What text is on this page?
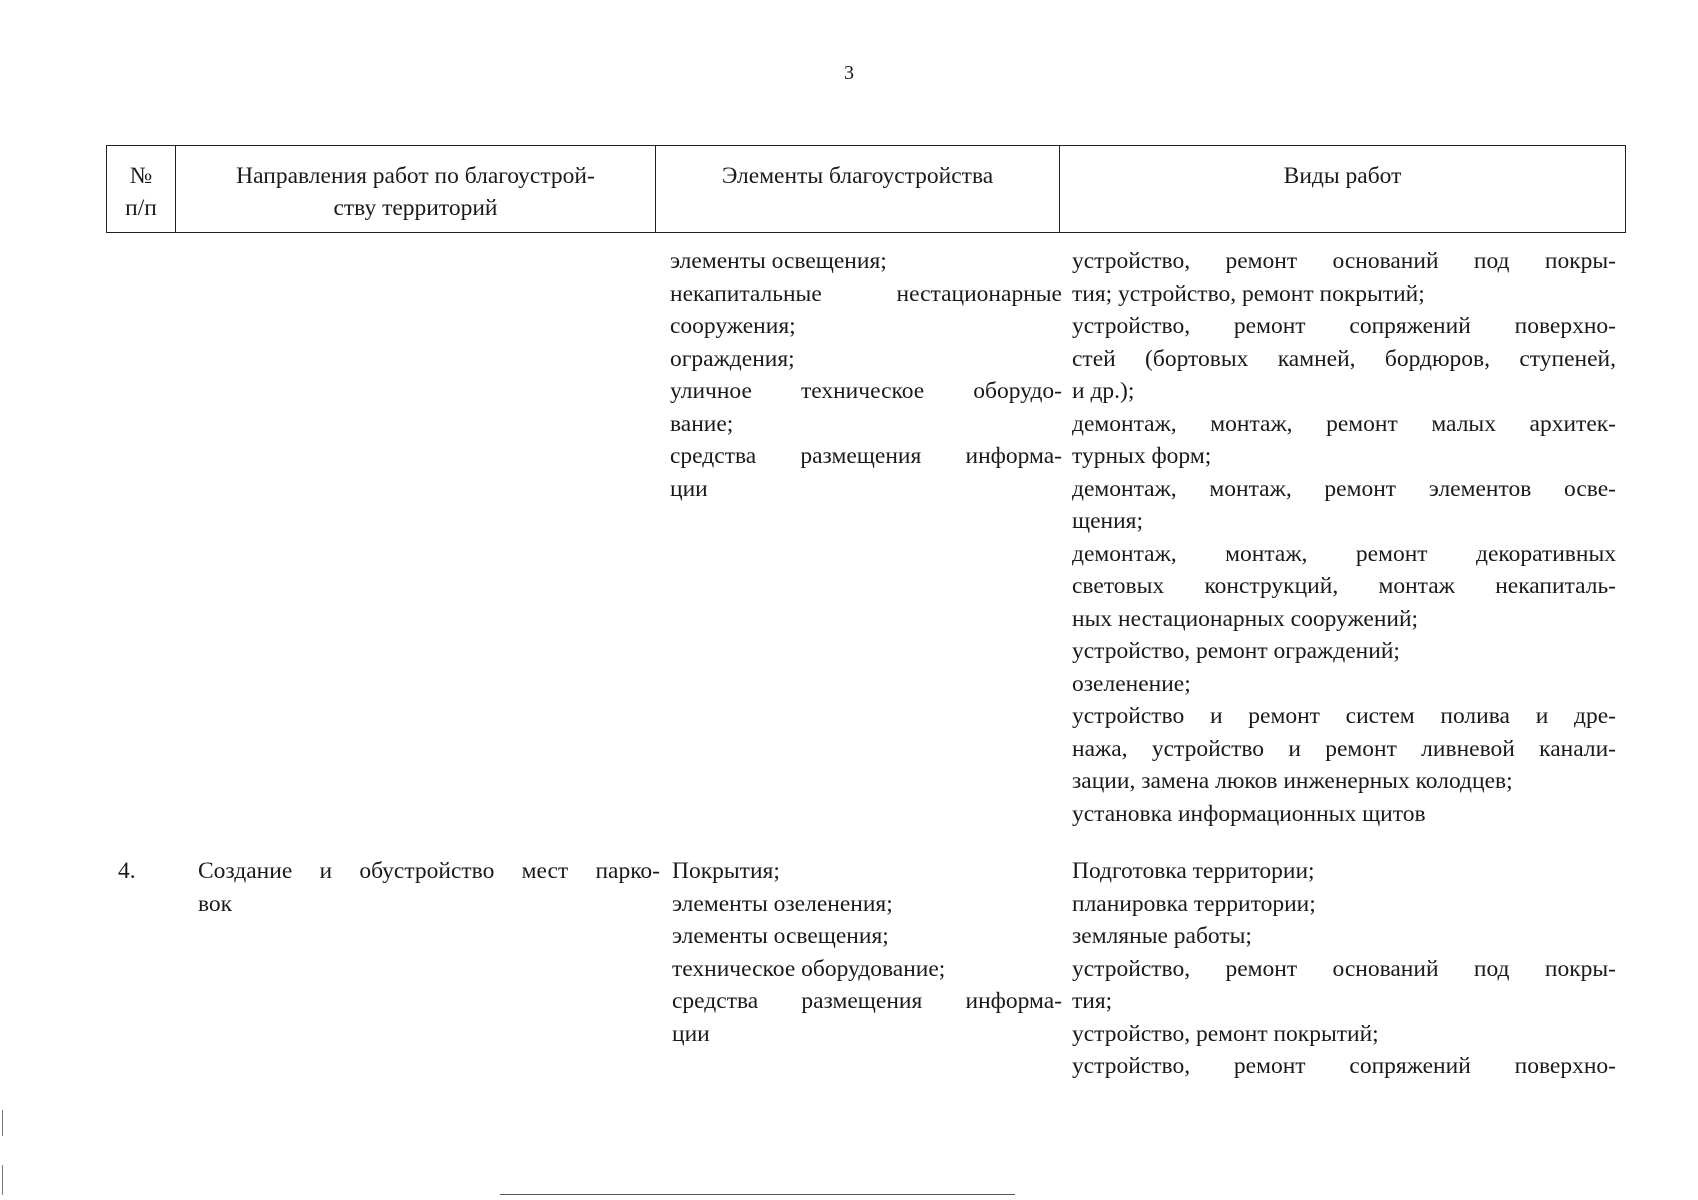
3
№
п/п
Направления работ по благоустрой-
ству территорий
Элементы благоустройства	Виды работ
элементы освещения;
некапитальные нестационарные
сооружения;
ограждения;
уличное техническое оборудо-
вание;
средства размещения информа-
ции
устройство, ремонт оснований под покры-
тия; устройство, ремонт покрытий;
устройство, ремонт сопряжений поверхно-
стей (бортовых камней, бордюров, ступеней,
и др.);
демонтаж, монтаж, ремонт малых архитек-
турных форм;
демонтаж, монтаж, ремонт элементов осве-
щения;
демонтаж, монтаж, ремонт декоративных
световых конструкций, монтаж некапиталь-
ных нестационарных сооружений;
устройство, ремонт ограждений;
озеленение;
устройство и ремонт систем полива и дре-
нажа, устройство и ремонт ливневой канали-
зации, замена люков инженерных колодцев;
установка информационных щитов
4.	Создание и обустройство мест парко-
вок
Покрытия;
элементы озеленения;
элементы освещения;
техническое оборудование;
средства размещения информа-
ции
Подготовка территории;
планировка территории;
земляные работы;
устройство, ремонт оснований под покры-
тия;
устройство, ремонт покрытий;
устройство, ремонт сопряжений поверхно-
